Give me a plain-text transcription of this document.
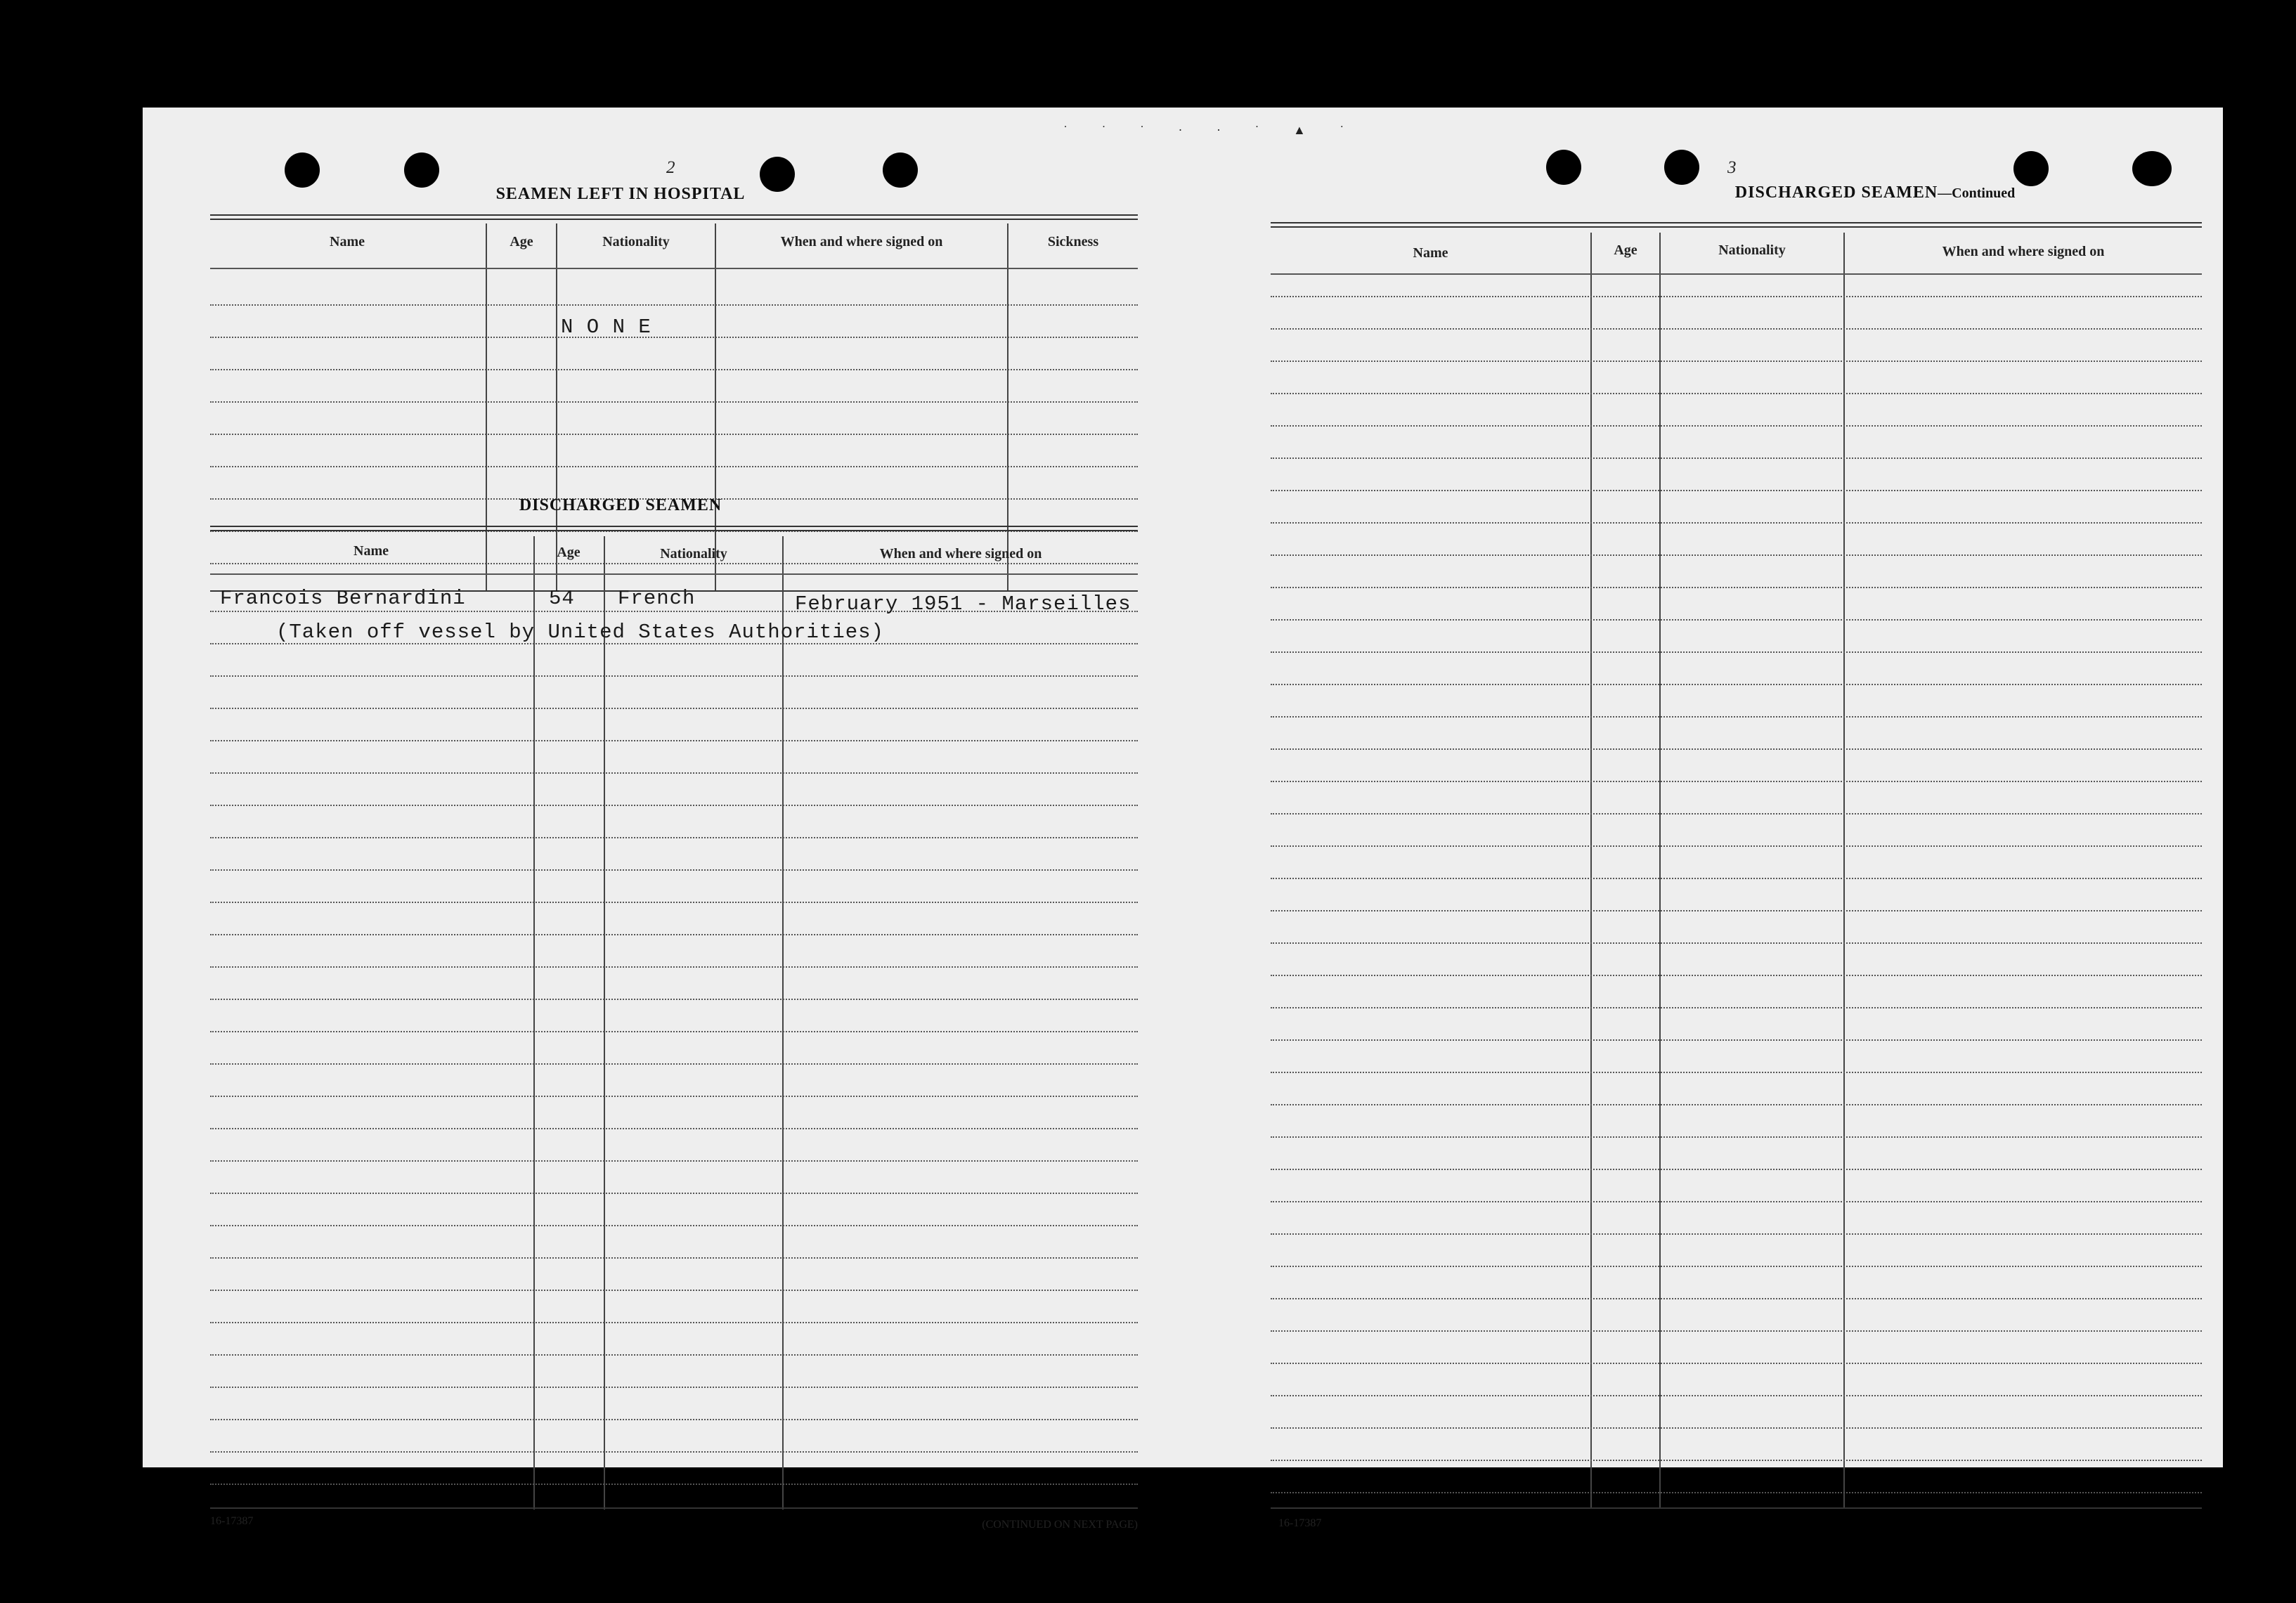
˙ ˙ ˙ · · ˙ ▲ ˙
2
SEAMEN LEFT IN HOSPITAL
Name	Age	Nationality	When and where signed on	Sickness
N O N E
DISCHARGED SEAMEN
Name	Age	Nationality	When and where signed on
Francois Bernardini	54 French	February 1951 - Marseilles
(Taken off vessel by United States Authorities)
16-17387	(CONTINUED ON NEXT PAGE)
3
DISCHARGED SEAMEN—Continued
Name	Age	Nationality	When and where signed on
16-17387
